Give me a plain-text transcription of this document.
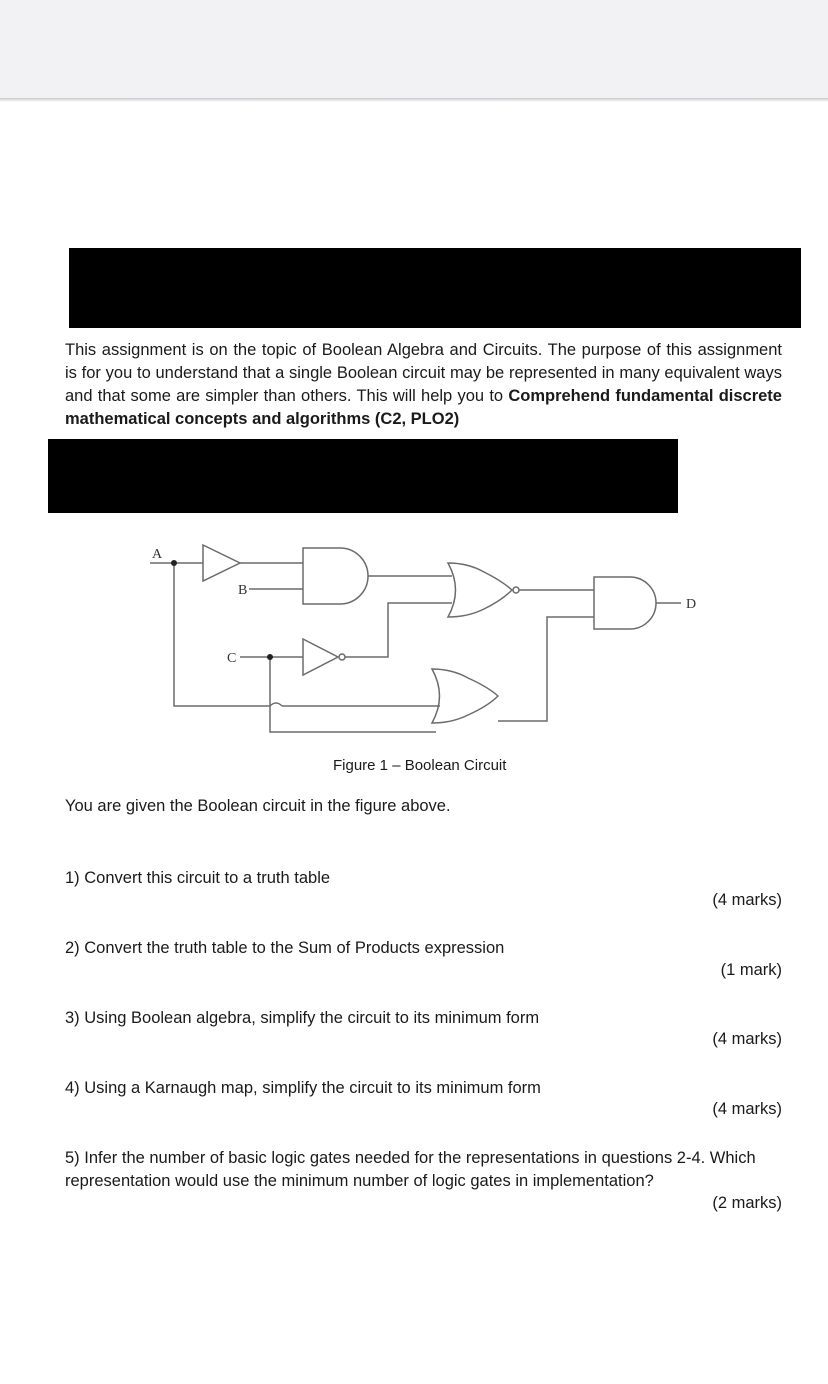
This assignment is on the topic of Boolean Algebra and Circuits. The purpose of this assignment is for you to understand that a single Boolean circuit may be represented in many equivalent ways and that some are simpler than others. This will help you to Comprehend fundamental discrete mathematical concepts and algorithms (C2, PLO2)

A
B
C
D
Figure 1 – Boolean Circuit
You are given the Boolean circuit in the figure above.

1) Convert this circuit to a truth table

(4 marks)

2) Convert the truth table to the Sum of Products expression

(1 mark)

3) Using Boolean algebra, simplify the circuit to its minimum form

(4 marks)

4) Using a Karnaugh map, simplify the circuit to its minimum form

(4 marks)

5) Infer the number of basic logic gates needed for the representations in questions 2-4. Which representation would use the minimum number of logic gates in implementation?

(2 marks)
